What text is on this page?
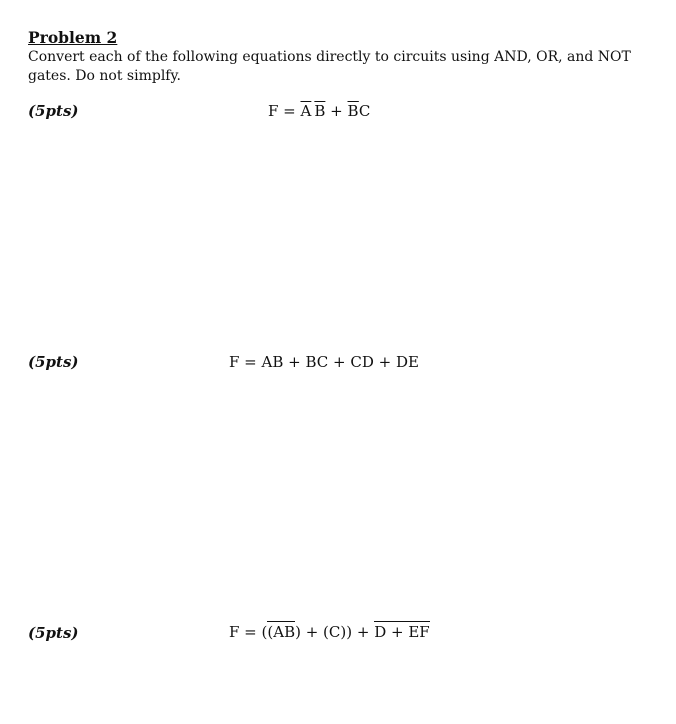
Problem 2
Convert each of the following equations directly to circuits using AND, OR, and NOT gates. Do not simplfy.
(5pts)	$F = \overline{A}$  $\overline{B} + \overline{B}C$
(5pts)	F = AB + BC + CD + DE
(5pts)	F = ((AB) + (C)) + D + EF
